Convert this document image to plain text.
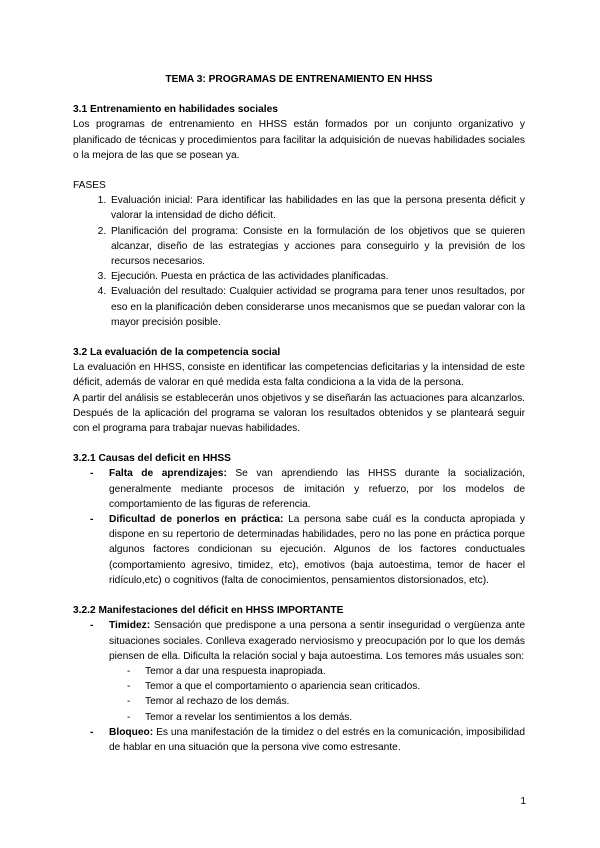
TEMA 3: PROGRAMAS DE ENTRENAMIENTO EN HHSS

3.1 Entrenamiento en habilidades sociales

Los programas de entrenamiento en HHSS están formados por un conjunto organizativo y planificado de técnicas y procedimientos para facilitar la adquisición de nuevas habilidades sociales o la mejora de las que se posean ya.

FASES

1. Evaluación inicial: Para identificar las habilidades en las que la persona presenta déficit y valorar la intensidad de dicho déficit.
2. Planificación del programa: Consiste en la formulación de los objetivos que se quieren alcanzar, diseño de las estrategias y acciones para conseguirlo y la previsión de los recursos necesarios.
3. Ejecución. Puesta en práctica de las actividades planificadas.
4. Evaluación del resultado: Cualquier actividad se programa para tener unos resultados, por eso en la planificación deben considerarse unos mecanismos que se puedan valorar con la mayor precisión posible.

3.2 La evaluación de la competencia social

La evaluación en HHSS, consiste en identificar las competencias deficitarias y la intensidad de este déficit, además de valorar en qué medida esta falta condiciona a la vida de la persona.

A partir del análisis se establecerán unos objetivos y se diseñarán las actuaciones para alcanzarlos. Después de la aplicación del programa se valoran los resultados obtenidos y se planteará seguir con el programa para trabajar nuevas habilidades.

3.2.1 Causas del deficit en HHSS

- Falta de aprendizajes: Se van aprendiendo las HHSS durante la socialización, generalmente mediante procesos de imitación y refuerzo, por los modelos de comportamiento de las figuras de referencia.
- Dificultad de ponerlos en práctica: La persona sabe cuál es la conducta apropiada y dispone en su repertorio de determinadas habilidades, pero no las pone en práctica porque algunos factores condicionan su ejecución. Algunos de los factores conductuales (comportamiento agresivo, timidez, etc), emotivos (baja autoestima, temor de hacer el ridículo,etc) o cognitivos (falta de conocimientos, pensamientos distorsionados, etc).

3.2.2 Manifestaciones del déficit en HHSS IMPORTANTE

- Timidez: Sensación que predispone a una persona a sentir inseguridad o vergüenza ante situaciones sociales. Conlleva exagerado nerviosismo y preocupación por lo que los demás piensen de ella. Dificulta la relación social y baja autoestima. Los temores más usuales son:
- Temor a dar una respuesta inapropiada.
- Temor a que el comportamiento o apariencia sean criticados.
- Temor al rechazo de los demás.
- Temor a revelar los sentimientos a los demás.
- Bloqueo: Es una manifestación de la timidez o del estrés en la comunicación, imposibilidad de hablar en una situación que la persona vive como estresante.
1
